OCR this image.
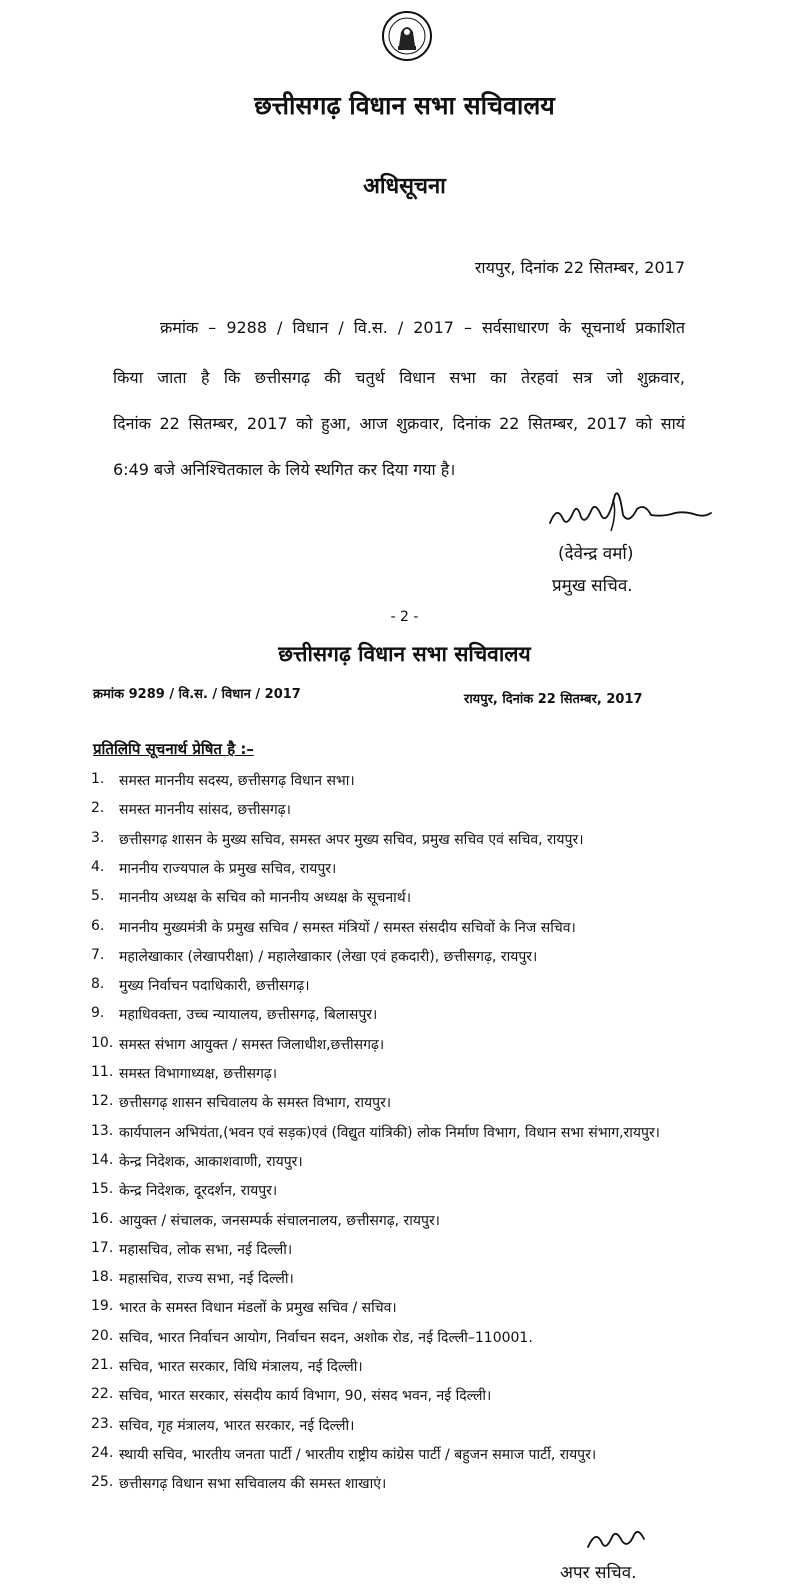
छत्तीसगढ़ विधान सभा सचिवालय
अधिसूचना
रायपुर, दिनांक 22 सितम्बर, 2017

क्रमांक – 9288 / विधान / वि.स. / 2017 – सर्वसाधारण के सूचनार्थ प्रकाशित

किया जाता है कि छत्तीसगढ़ की चतुर्थ विधान सभा का तेरहवां सत्र जो शुक्रवार,

दिनांक 22 सितम्बर, 2017 को हुआ, आज शुक्रवार, दिनांक 22 सितम्बर, 2017 को सायं

6:49 बजे अनिश्चितकाल के लिये स्थगित कर दिया गया है।

(देवेन्द्र वर्मा)
प्रमुख सचिव.
- 2 -
छत्तीसगढ़ विधान सभा सचिवालय
क्रमांक 9289 / वि.स. / विधान / 2017	रायपुर, दिनांक 22 सितम्बर, 2017
प्रतिलिपि सूचनार्थ प्रेषित है :–
1. समस्त माननीय सदस्य, छत्तीसगढ़ विधान सभा।
2. समस्त माननीय सांसद, छत्तीसगढ़।
3. छत्तीसगढ़ शासन के मुख्य सचिव, समस्त अपर मुख्य सचिव, प्रमुख सचिव एवं सचिव, रायपुर।
4. माननीय राज्यपाल के प्रमुख सचिव, रायपुर।
5. माननीय अध्यक्ष के सचिव को माननीय अध्यक्ष के सूचनार्थ।
6. माननीय मुख्यमंत्री के प्रमुख सचिव / समस्त मंत्रियों / समस्त संसदीय सचिवों के निज सचिव।
7. महालेखाकार (लेखापरीक्षा) / महालेखाकार (लेखा एवं हकदारी), छत्तीसगढ़, रायपुर।
8. मुख्य निर्वाचन पदाधिकारी, छत्तीसगढ़।
9. महाधिवक्ता, उच्च न्यायालय, छत्तीसगढ़, बिलासपुर।
10. समस्त संभाग आयुक्त / समस्त जिलाधीश,छत्तीसगढ़।
11. समस्त विभागाध्यक्ष, छत्तीसगढ़।
12. छत्तीसगढ़ शासन सचिवालय के समस्त विभाग, रायपुर।
13. कार्यपालन अभियंता,(भवन एवं सड़क)एवं (विद्युत यांत्रिकी) लोक निर्माण विभाग, विधान सभा संभाग,रायपुर।
14. केन्द्र निदेशक, आकाशवाणी, रायपुर।
15. केन्द्र निदेशक, दूरदर्शन, रायपुर।
16. आयुक्त / संचालक, जनसम्पर्क संचालनालय, छत्तीसगढ़, रायपुर।
17. महासचिव, लोक सभा, नई दिल्ली।
18. महासचिव, राज्य सभा, नई दिल्ली।
19. भारत के समस्त विधान मंडलों के प्रमुख सचिव / सचिव।
20. सचिव, भारत निर्वाचन आयोग, निर्वाचन सदन, अशोक रोड, नई दिल्ली–110001.
21. सचिव, भारत सरकार, विधि मंत्रालय, नई दिल्ली।
22. सचिव, भारत सरकार, संसदीय कार्य विभाग, 90, संसद भवन, नई दिल्ली।
23. सचिव, गृह मंत्रालय, भारत सरकार, नई दिल्ली।
24. स्थायी सचिव, भारतीय जनता पार्टी / भारतीय राष्ट्रीय कांग्रेस पार्टी / बहुजन समाज पार्टी, रायपुर।
25. छत्तीसगढ़ विधान सभा सचिवालय की समस्त शाखाएं।
अपर सचिव.
